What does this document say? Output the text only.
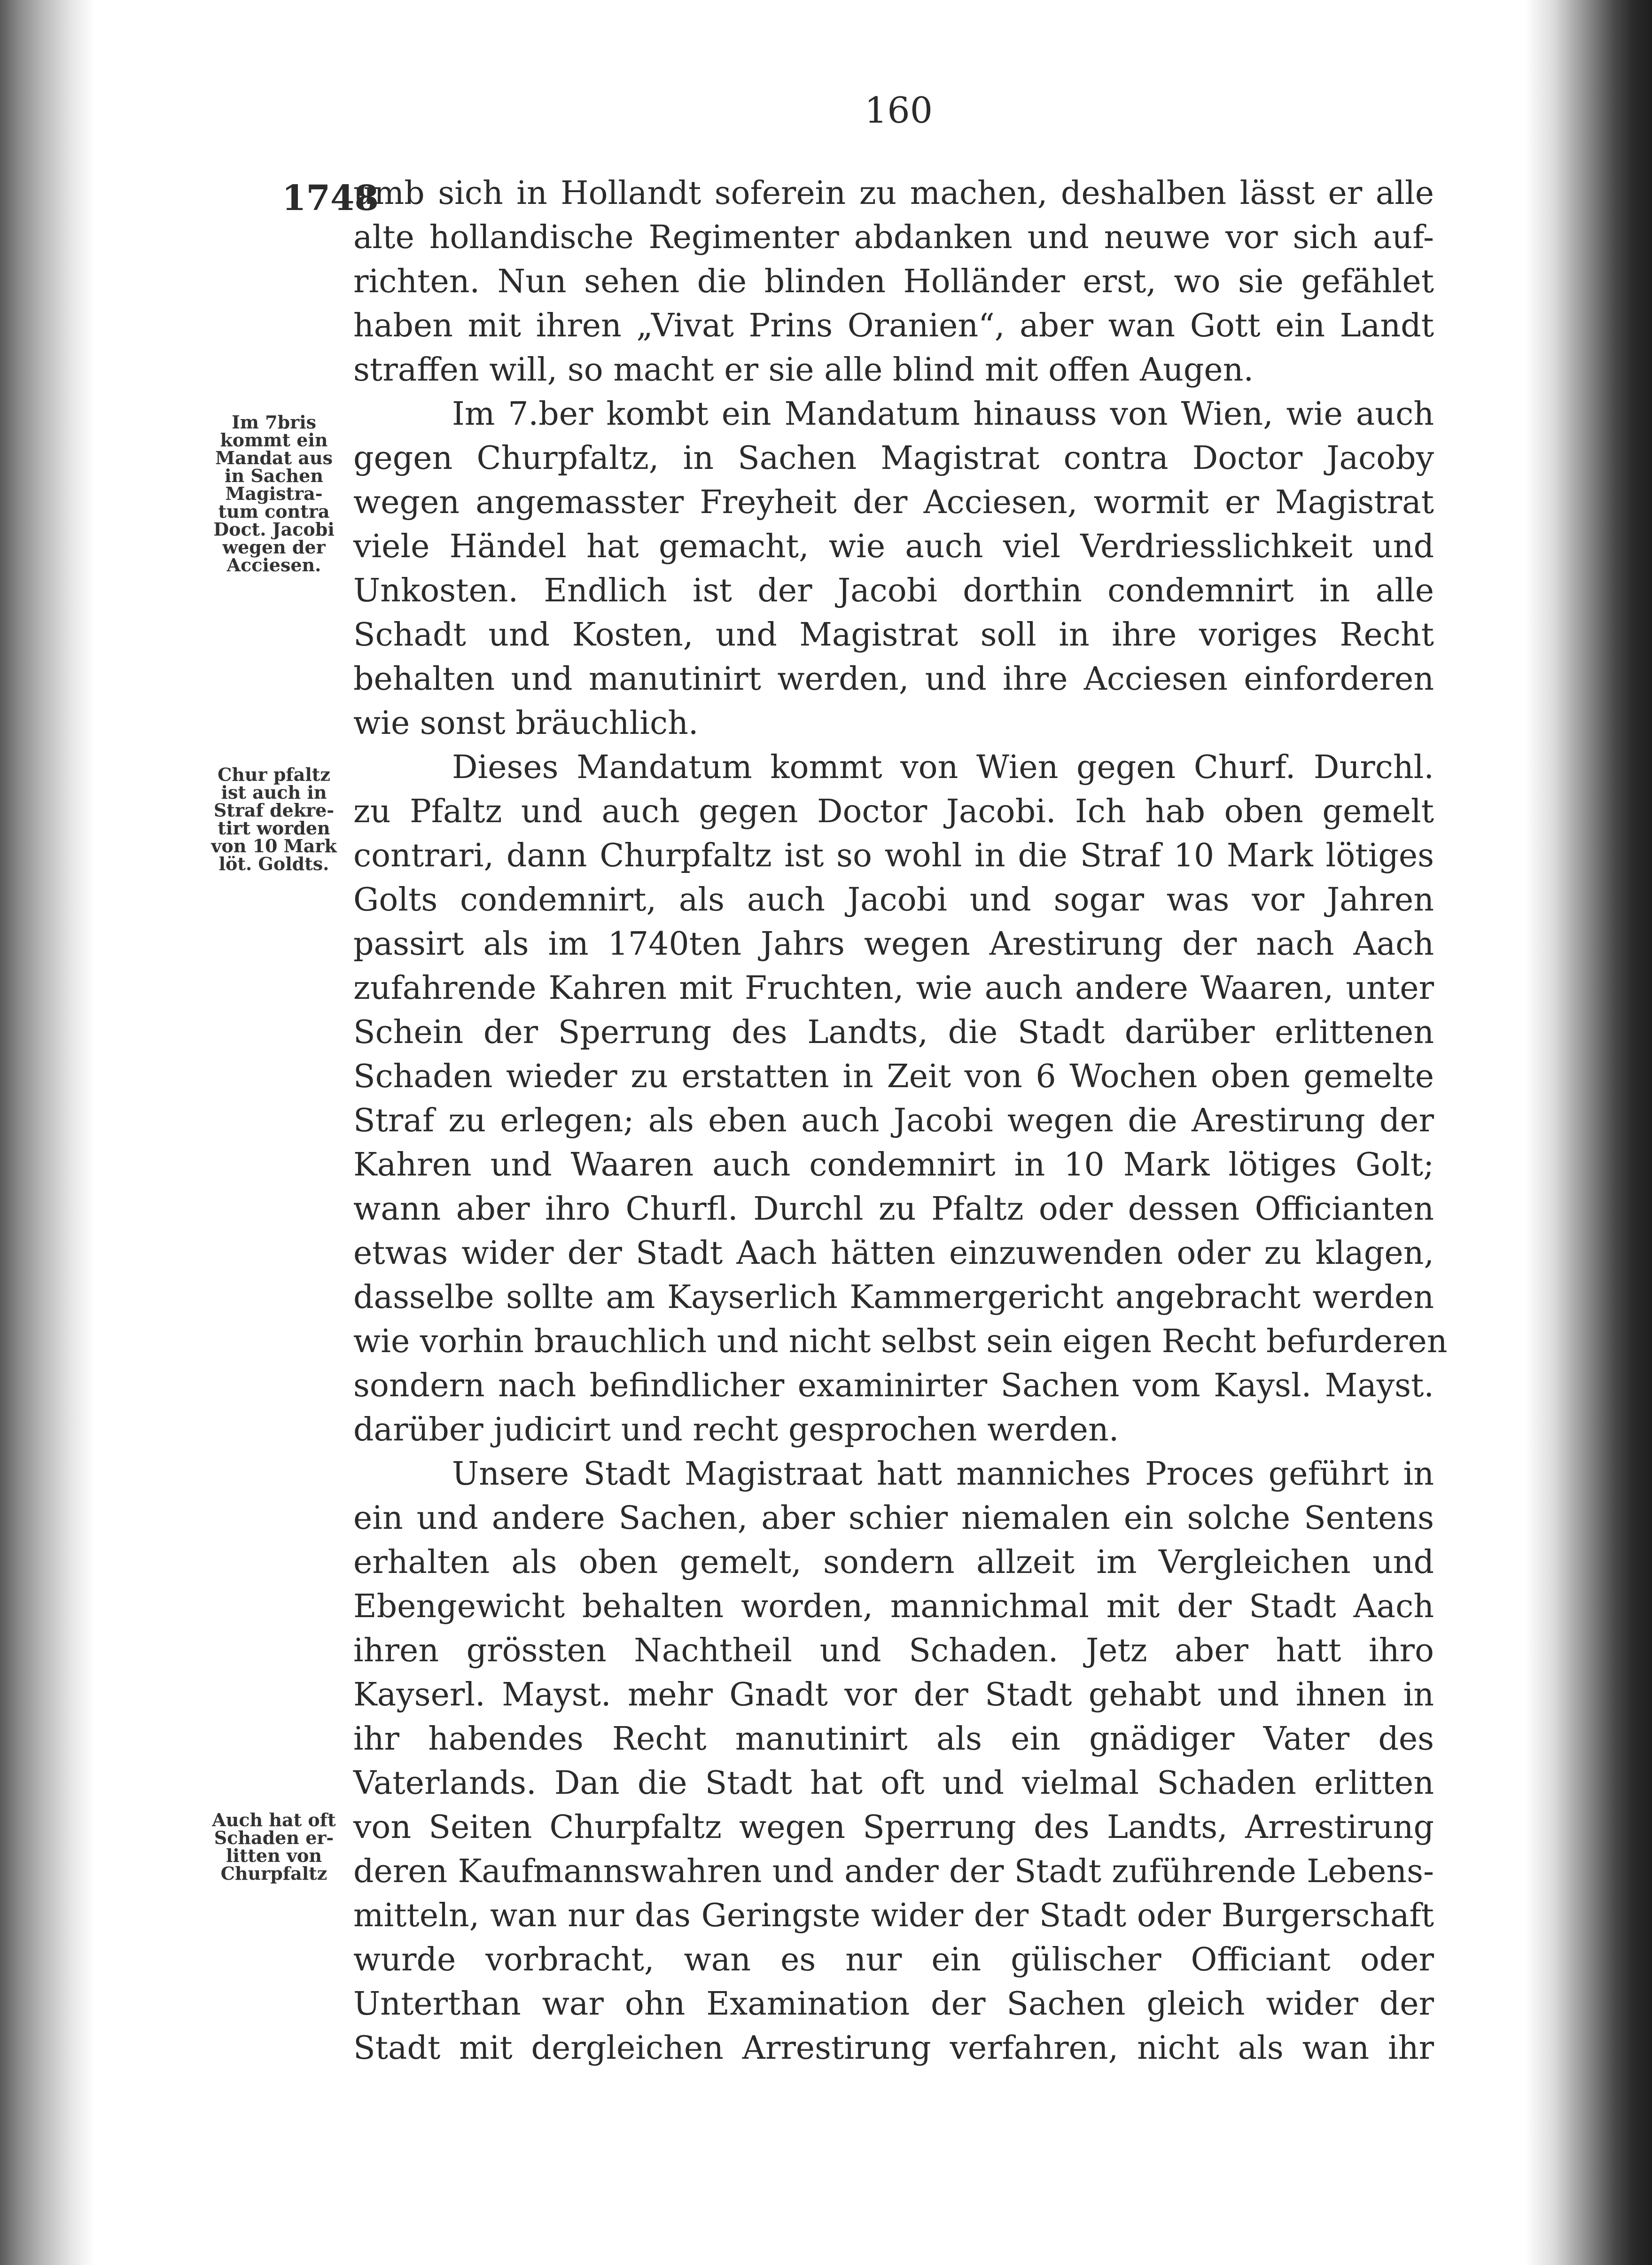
160
1748

umb sich in Hollandt soferein zu machen, deshalben lässt er alle
alte hollandische Regimenter abdanken und neuwe vor sich auf-
richten. Nun sehen die blinden Holländer erst, wo sie gefählet
haben mit ihren „Vivat Prins Oranien“, aber wan Gott ein Landt
straffen will, so macht er sie alle blind mit offen Augen.

Im 7.ber kombt ein Mandatum hinauss von Wien, wie auch
gegen Churpfaltz, in Sachen Magistrat contra Doctor Jacoby
wegen angemasster Freyheit der Acciesen, wormit er Magistrat
viele Händel hat gemacht, wie auch viel Verdriesslichkeit und
Unkosten. Endlich ist der Jacobi dorthin condemnirt in alle
Schadt und Kosten, und Magistrat soll in ihre voriges Recht
behalten und manutinirt werden, und ihre Acciesen einforderen
wie sonst bräuchlich.

Dieses Mandatum kommt von Wien gegen Churf. Durchl.
zu Pfaltz und auch gegen Doctor Jacobi. Ich hab oben gemelt
contrari, dann Churpfaltz ist so wohl in die Straf 10 Mark lötiges
Golts condemnirt, als auch Jacobi und sogar was vor Jahren
passirt als im 1740ten Jahrs wegen Arestirung der nach Aach
zufahrende Kahren mit Fruchten, wie auch andere Waaren, unter
Schein der Sperrung des Landts, die Stadt darüber erlittenen
Schaden wieder zu erstatten in Zeit von 6 Wochen oben gemelte
Straf zu erlegen; als eben auch Jacobi wegen die Arestirung der
Kahren und Waaren auch condemnirt in 10 Mark lötiges Golt;
wann aber ihro Churfl. Durchl zu Pfaltz oder dessen Officianten
etwas wider der Stadt Aach hätten einzuwenden oder zu klagen,
dasselbe sollte am Kayserlich Kammergericht angebracht werden
wie vorhin brauchlich und nicht selbst sein eigen Recht befurderen
sondern nach befindlicher examinirter Sachen vom Kaysl. Mayst.
darüber judicirt und recht gesprochen werden.

Unsere Stadt Magistraat hatt manniches Proces geführt in
ein und andere Sachen, aber schier niemalen ein solche Sentens
erhalten als oben gemelt, sondern allzeit im Vergleichen und
Ebengewicht behalten worden, mannichmal mit der Stadt Aach
ihren grössten Nachtheil und Schaden. Jetz aber hatt ihro
Kayserl. Mayst. mehr Gnadt vor der Stadt gehabt und ihnen in
ihr habendes Recht manutinirt als ein gnädiger Vater des
Vaterlands. Dan die Stadt hat oft und vielmal Schaden erlitten
von Seiten Churpfaltz wegen Sperrung des Landts, Arrestirung
deren Kaufmannswahren und ander der Stadt zuführende Lebens-
mitteln, wan nur das Geringste wider der Stadt oder Burgerschaft
wurde vorbracht, wan es nur ein gülischer Officiant oder
Unterthan war ohn Examination der Sachen gleich wider der
Stadt mit dergleichen Arrestirung verfahren, nicht als wan ihr

Im 7bris
kommt ein
Mandat aus
in Sachen
Magistra-
tum contra
Doct. Jacobi
wegen der
Acciesen.
Chur pfaltz
ist auch in
Straf dekre-
tirt worden
von 10 Mark
löt. Goldts.
Auch hat oft
Schaden er-
litten von
Churpfaltz
